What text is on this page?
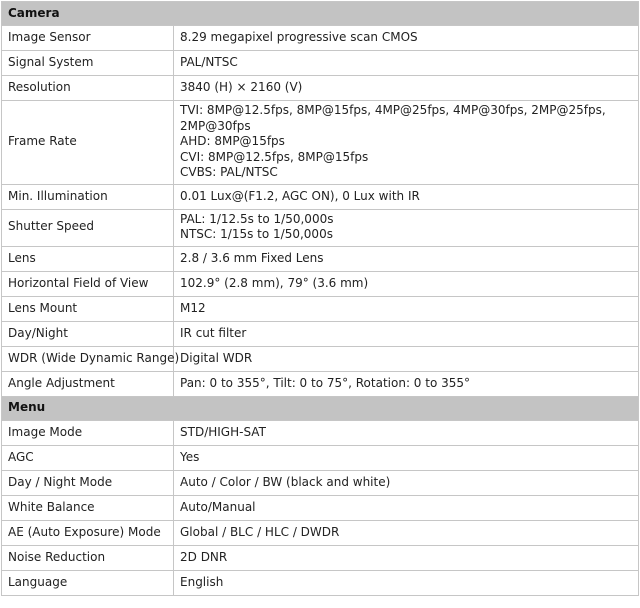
Camera	
Image Sensor	8.29 megapixel progressive scan CMOS

Signal System	PAL/NTSC

Resolution	3840 (H) × 2160 (V)

Frame Rate	TVI: 8MP@12.5fps, 8MP@15fps, 4MP@25fps, 4MP@30fps, 2MP@25fps, 2MP@30fps
AHD: 8MP@15fps
CVI: 8MP@12.5fps, 8MP@15fps
CVBS: PAL/NTSC

Min. Illumination	0.01 Lux@(F1.2, AGC ON), 0 Lux with IR

Shutter Speed	PAL: 1/12.5s to 1/50,000s
NTSC: 1/15s to 1/50,000s

Lens	2.8 / 3.6 mm Fixed Lens

Horizontal Field of View	102.9° (2.8 mm), 79° (3.6 mm)

Lens Mount	M12

Day/Night	IR cut filter

WDR (Wide Dynamic Range)	Digital WDR

Angle Adjustment	Pan: 0 to 355°, Tilt: 0 to 75°, Rotation: 0 to 355°

Menu	
Image Mode	STD/HIGH-SAT

AGC	Yes

Day / Night Mode	Auto / Color / BW (black and white)

White Balance	Auto/Manual

AE (Auto Exposure) Mode	Global / BLC / HLC / DWDR

Noise Reduction	2D DNR

Language	English
